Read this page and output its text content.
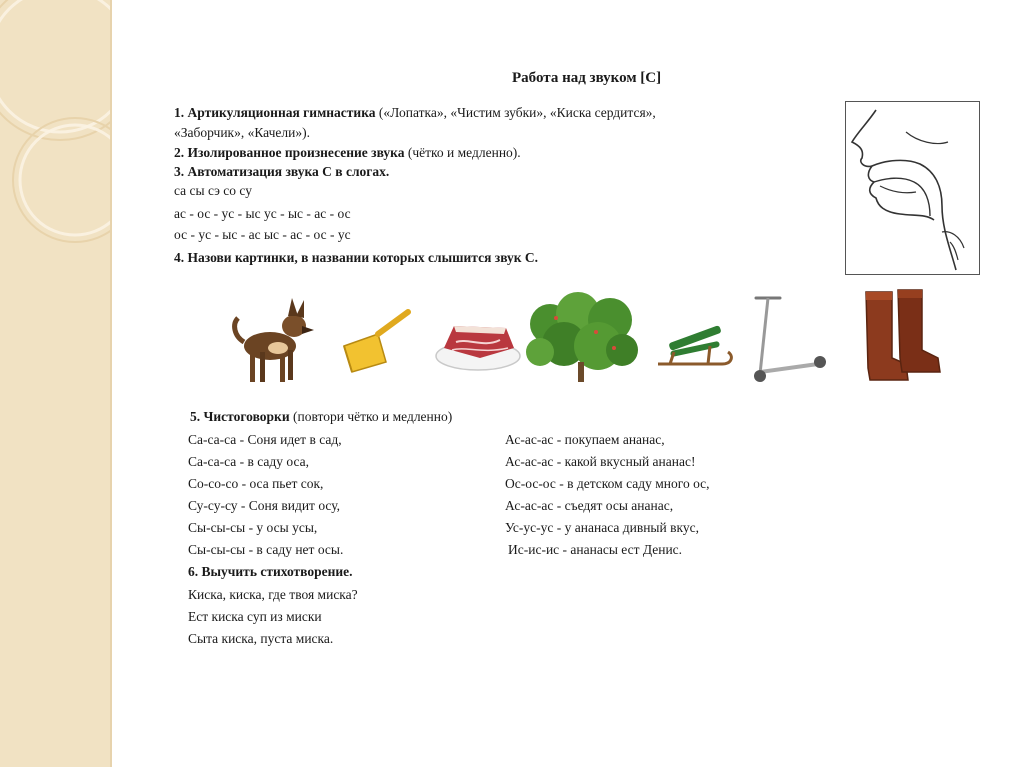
Работа над звуком [С]
1. Артикуляционная гимнастика («Лопатка», «Чистим зубки», «Киска сердится»,
«Заборчик», «Качели»).
2. Изолированное произнесение звука (чётко и медленно).
3. Автоматизация звука С в слогах.
са сы сэ со су
ас - ос - ус - ыс ус - ыс - ас - ос
ос - ус - ыс - ас ыс - ас - ос - ус
4. Назови картинки, в названии которых слышится звук С.
5. Чистоговорки (повтори чётко и медленно)
Са-са-са - Соня идет в сад,
Са-са-са - в саду оса,
Со-со-со - оса пьет сок,
Су-су-су - Соня видит осу,
Сы-сы-сы - у осы усы,
Сы-сы-сы - в саду нет осы.
Ас-ас-ас - покупаем ананас,
Ас-ас-ас - какой вкусный ананас!
Ос-ос-ос - в детском саду много ос,
Ас-ас-ас - съедят осы ананас,
Ус-ус-ус - у ананаса дивный вкус,
Ис-ис-ис - ананасы ест Денис.
6. Выучить стихотворение.
Киска, киска, где твоя миска?
Ест киска суп из миски
Сыта киска, пуста миска.
